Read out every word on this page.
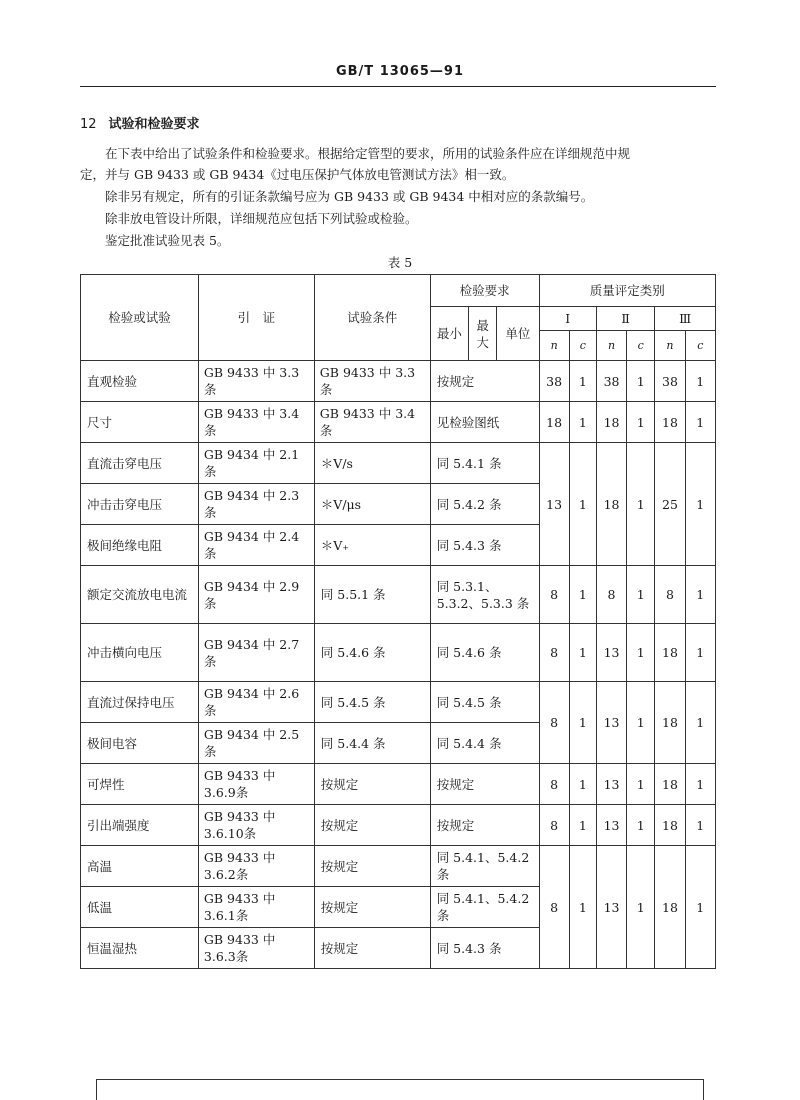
GB/T 13065—91
12 试验和检验要求
在下表中给出了试验条件和检验要求。根据给定管型的要求，所用的试验条件应在详细规范中规
定，并与 GB 9433 或 GB 9434《过电压保护气体放电管测试方法》相一致。
除非另有规定，所有的引证条款编号应为 GB 9433 或 GB 9434 中相对应的条款编号。
除非放电管设计所限，详细规范应包括下列试验或检验。
鉴定批准试验见表 5。
表 5
检验或试验	引　证	试验条件	检验要求			质量评定类别					
			最小	最大	单位	Ⅰ		Ⅱ		Ⅲ	
						n	c	n	c	n	c
直观检验	GB 9433 中 3.3 条	GB 9433 中 3.3 条	按规定			38	1	38	1	38	1
尺寸	GB 9433 中 3.4 条	GB 9433 中 3.4 条	见检验图纸			18	1	18	1	18	1
直流击穿电压	GB 9434 中 2.1 条	＊V/s	同 5.4.1 条			13	1	18	1	25	1
冲击击穿电压	GB 9434 中 2.3 条	＊V/μs	同 5.4.2 条								
极间绝缘电阻	GB 9434 中 2.4 条	＊V₊	同 5.4.3 条								
额定交流放电电流	GB 9434 中 2.9 条	同 5.5.1 条	同 5.3.1、5.3.2、5.3.3 条			8	1	8	1	8	1
冲击横向电压	GB 9434 中 2.7 条	同 5.4.6 条	同 5.4.6 条			8	1	13	1	18	1
直流过保持电压	GB 9434 中 2.6 条	同 5.4.5 条	同 5.4.5 条			8	1	13	1	18	1
极间电容	GB 9434 中 2.5 条	同 5.4.4 条	同 5.4.4 条								
可焊性	GB 9433 中 3.6.9条	按规定	按规定			8	1	13	1	18	1
引出端强度	GB 9433 中 3.6.10条	按规定	按规定			8	1	13	1	18	1
高温	GB 9433 中 3.6.2条	按规定	同 5.4.1、5.4.2 条			8	1	13	1	18	1
低温	GB 9433 中 3.6.1条	按规定	同 5.4.1、5.4.2 条								
恒温湿热	GB 9433 中 3.6.3条	按规定	同 5.4.3 条								
